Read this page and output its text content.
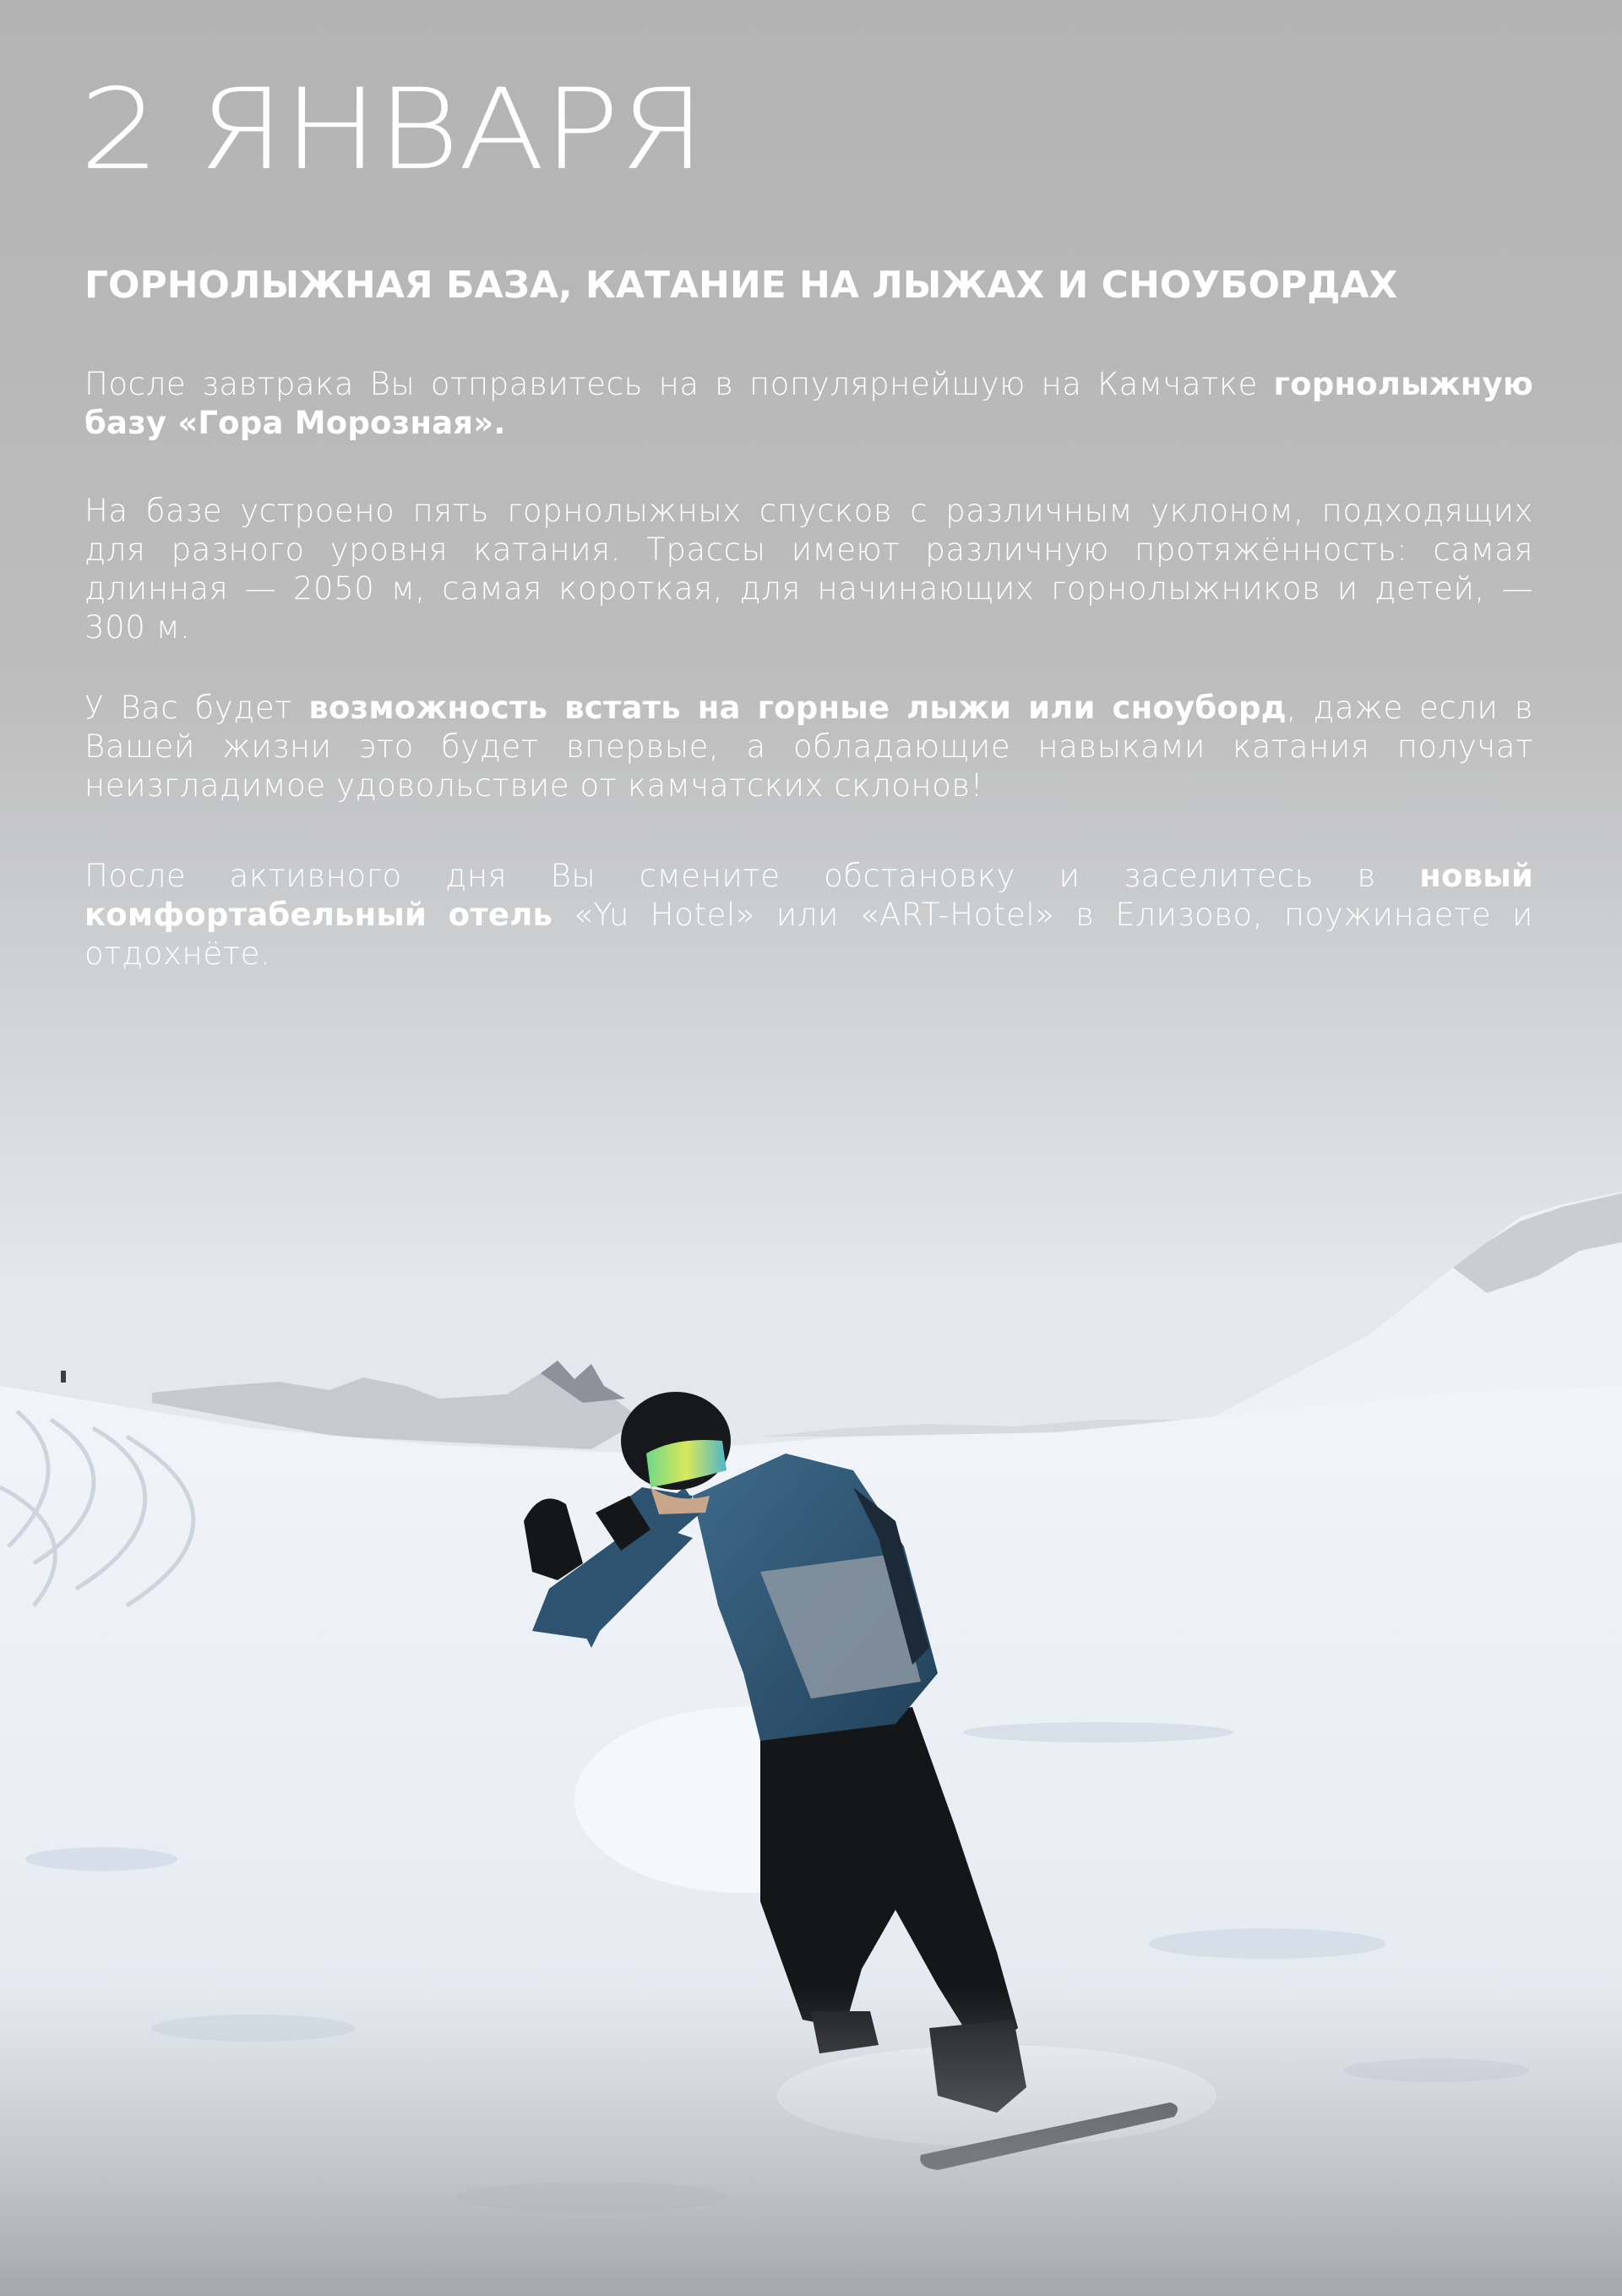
2 ЯНВАРЯ
ГОРНОЛЫЖНАЯ БАЗА, КАТАНИЕ НА ЛЫЖАХ И СНОУБОРДАХ

После завтрака Вы отправитесь на в популярнейшую на Камчатке горнолыжную базу «Гора Морозная».

На базе устроено пять горнолыжных спусков с различным уклоном, подходящих для разного уровня катания. Трассы имеют различную протяжённость: самая длинная — 2050 м, самая короткая, для начинающих горнолыжников и детей, — 300 м.

У Вас будет возможность встать на горные лыжи или сноуборд, даже если в Вашей жизни это будет впервые, а обладающие навыками катания получат неизгладимое удовольствие от камчатских склонов!

После активного дня Вы смените обстановку и заселитесь в новый комфортабельный отель «Yu Hotel» или «ART-Hotel» в Елизово, поужинаете и отдохнёте.
